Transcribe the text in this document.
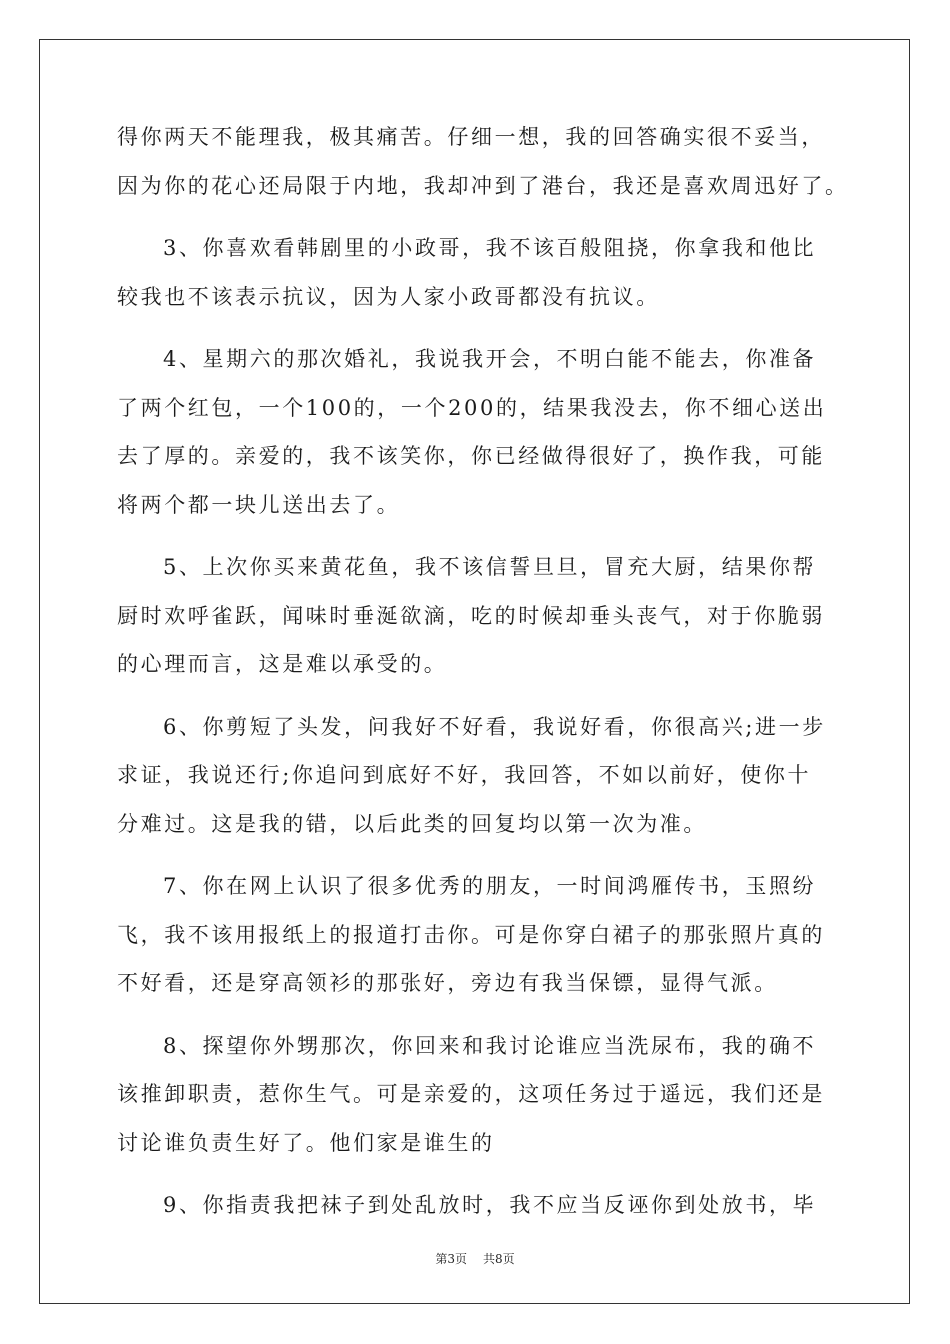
得你两天不能理我，极其痛苦。仔细一想，我的回答确实很不妥当，
因为你的花心还局限于内地，我却冲到了港台，我还是喜欢周迅好了。
3、你喜欢看韩剧里的小政哥，我不该百般阻挠，你拿我和他比
较我也不该表示抗议，因为人家小政哥都没有抗议。
4、星期六的那次婚礼，我说我开会，不明白能不能去，你准备
了两个红包，一个100的，一个200的，结果我没去，你不细心送出
去了厚的。亲爱的，我不该笑你，你已经做得很好了，换作我，可能
将两个都一块儿送出去了。
5、上次你买来黄花鱼，我不该信誓旦旦，冒充大厨，结果你帮
厨时欢呼雀跃，闻味时垂涎欲滴，吃的时候却垂头丧气，对于你脆弱
的心理而言，这是难以承受的。
6、你剪短了头发，问我好不好看，我说好看，你很高兴;进一步
求证，我说还行;你追问到底好不好，我回答，不如以前好，使你十
分难过。这是我的错，以后此类的回复均以第一次为准。
7、你在网上认识了很多优秀的朋友，一时间鸿雁传书，玉照纷
飞，我不该用报纸上的报道打击你。可是你穿白裙子的那张照片真的
不好看，还是穿高领衫的那张好，旁边有我当保镖，显得气派。
8、探望你外甥那次，你回来和我讨论谁应当洗尿布，我的确不
该推卸职责，惹你生气。可是亲爱的，这项任务过于遥远，我们还是
讨论谁负责生好了。他们家是谁生的
9、你指责我把袜子到处乱放时，我不应当反诬你到处放书，毕
第3页 共8页
